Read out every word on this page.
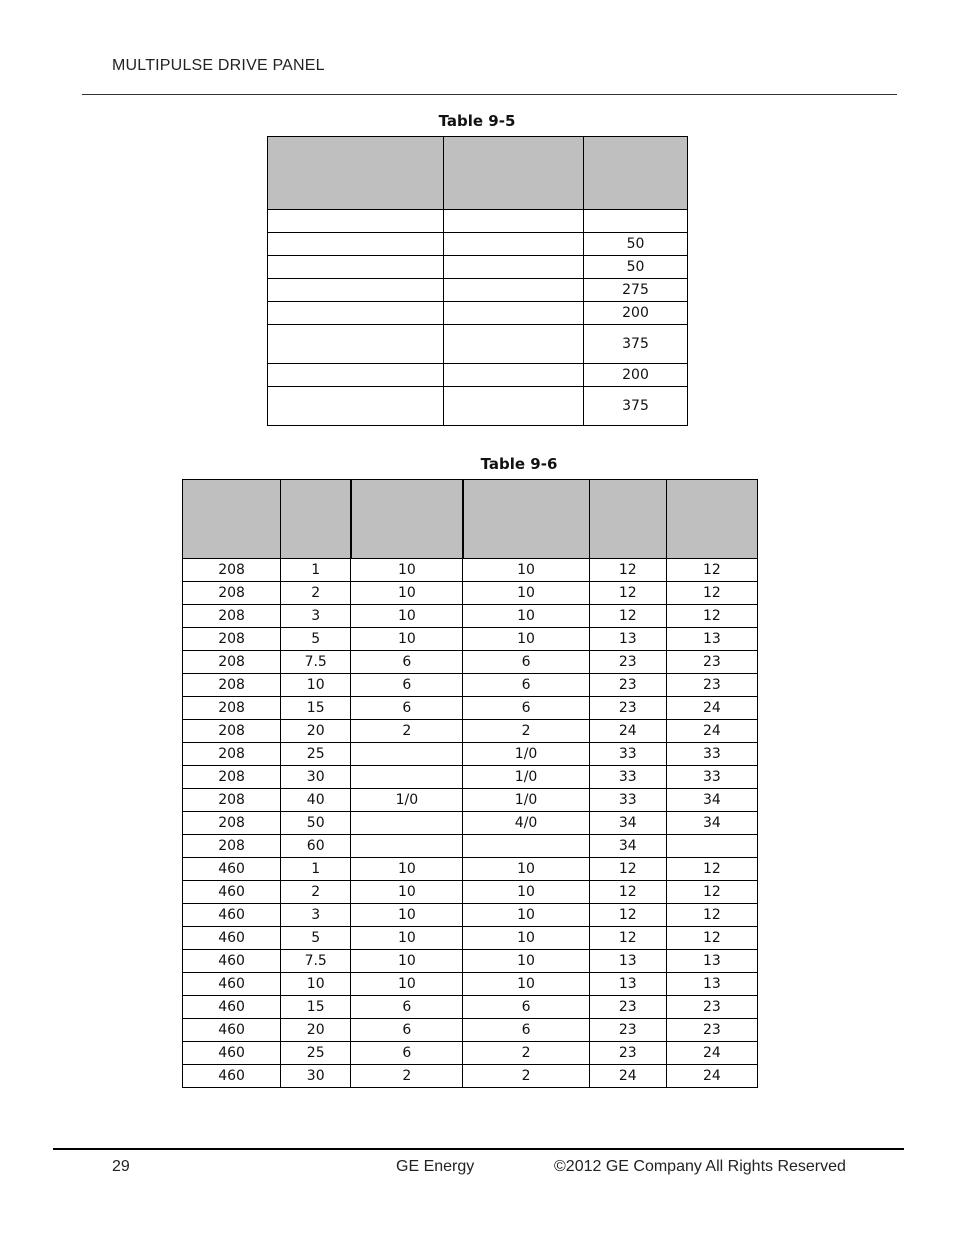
MULTIPULSE DRIVE PANEL
Table 9-5

		50
		50
		275
		200
		375
		200
		375
Table 9-6

208	1	10	10	12	12
208	2	10	10	12	12
208	3	10	10	12	12
208	5	10	10	13	13
208	7.5	6	6	23	23
208	10	6	6	23	23
208	15	6	6	23	24
208	20	2	2	24	24
208	25		1/0	33	33
208	30		1/0	33	33
208	40	1/0	1/0	33	34
208	50		4/0	34	34
208	60			34	
460	1	10	10	12	12
460	2	10	10	12	12
460	3	10	10	12	12
460	5	10	10	12	12
460	7.5	10	10	13	13
460	10	10	10	13	13
460	15	6	6	23	23
460	20	6	6	23	23
460	25	6	2	23	24
460	30	2	2	24	24
29	GE Energy	©2012 GE Company All Rights Reserved
